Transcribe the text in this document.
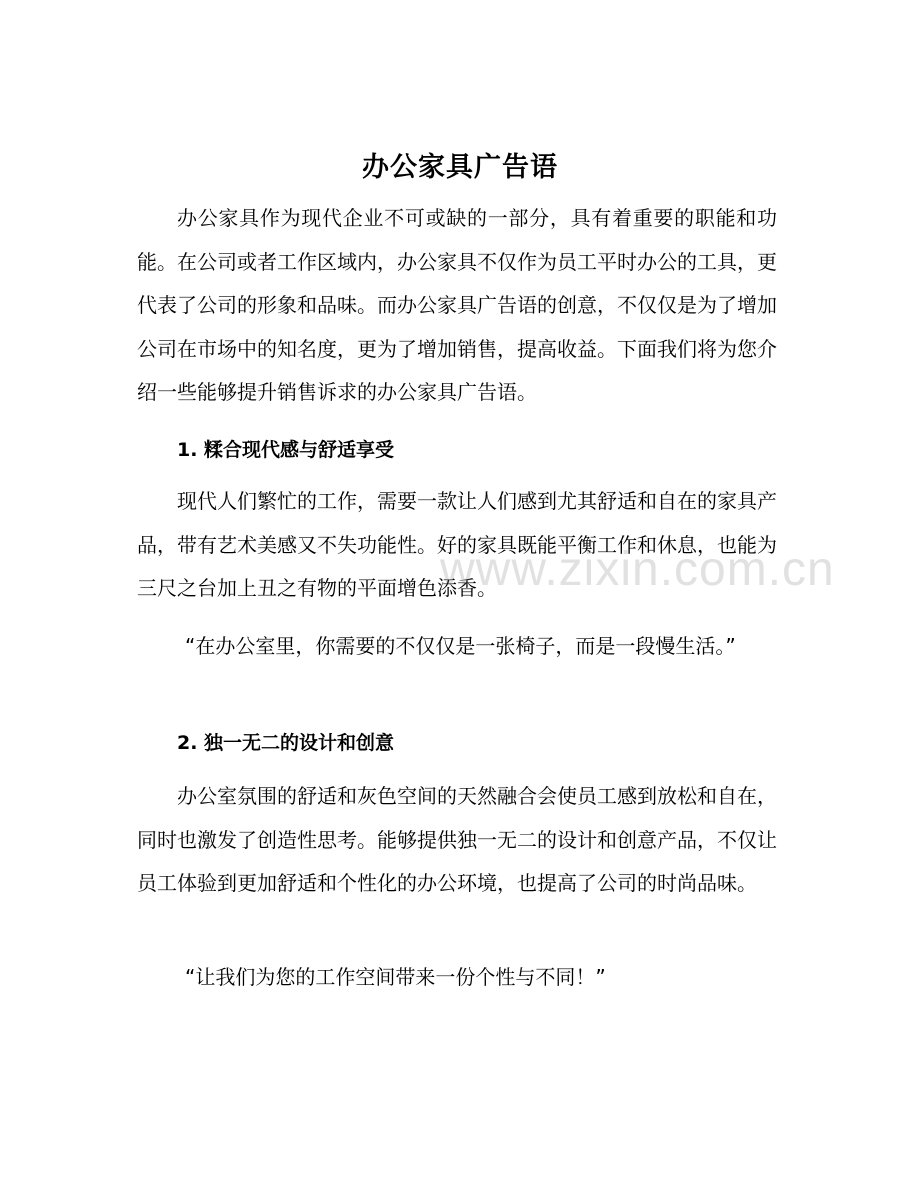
办公家具广告语

办公家具作为现代企业不可或缺的一部分，具有着重要的职能和功能。在公司或者工作区域内，办公家具不仅作为员工平时办公的工具，更代表了公司的形象和品味。而办公家具广告语的创意，不仅仅是为了增加公司在市场中的知名度，更为了增加销售，提高收益。下面我们将为您介绍一些能够提升销售诉求的办公家具广告语。

1. 糅合现代感与舒适享受

现代人们繁忙的工作，需要一款让人们感到尤其舒适和自在的家具产品，带有艺术美感又不失功能性。好的家具既能平衡工作和休息，也能为三尺之台加上丑之有物的平面增色添香。

“在办公室里，你需要的不仅仅是一张椅子，而是一段慢生活。”

2. 独一无二的设计和创意

办公室氛围的舒适和灰色空间的天然融合会使员工感到放松和自在，同时也激发了创造性思考。能够提供独一无二的设计和创意产品，不仅让员工体验到更加舒适和个性化的办公环境，也提高了公司的时尚品味。

“让我们为您的工作空间带来一份个性与不同！”

www.zixin.com.cn
